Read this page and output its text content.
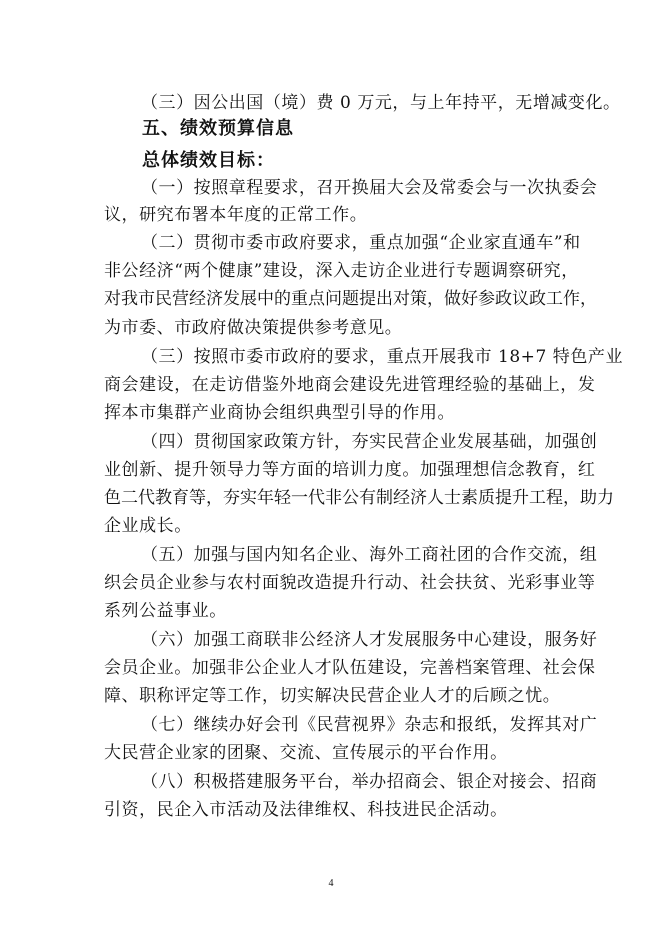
（三）因公出国（境）费 0 万元，与上年持平，无增减变化。
五、绩效预算信息
总体绩效目标：
（一）按照章程要求，召开换届大会及常委会与一次执委会
议，研究布署本年度的正常工作。
（二）贯彻市委市政府要求，重点加强“企业家直通车”和
非公经济“两个健康”建设，深入走访企业进行专题调察研究，
对我市民营经济发展中的重点问题提出对策，做好参政议政工作，
为市委、市政府做决策提供参考意见。
（三）按照市委市政府的要求，重点开展我市 18+7 特色产业
商会建设，在走访借鉴外地商会建设先进管理经验的基础上，发
挥本市集群产业商协会组织典型引导的作用。
（四）贯彻国家政策方针，夯实民营企业发展基础，加强创
业创新、提升领导力等方面的培训力度。加强理想信念教育，红
色二代教育等，夯实年轻一代非公有制经济人士素质提升工程，助力
企业成长。
（五）加强与国内知名企业、海外工商社团的合作交流，组
织会员企业参与农村面貌改造提升行动、社会扶贫、光彩事业等
系列公益事业。
（六）加强工商联非公经济人才发展服务中心建设，服务好
会员企业。加强非公企业人才队伍建设，完善档案管理、社会保
障、职称评定等工作，切实解决民营企业人才的后顾之忧。
（七）继续办好会刊《民营视界》杂志和报纸，发挥其对广
大民营企业家的团聚、交流、宣传展示的平台作用。
（八）积极搭建服务平台，举办招商会、银企对接会、招商
引资，民企入市活动及法律维权、科技进民企活动。
4
